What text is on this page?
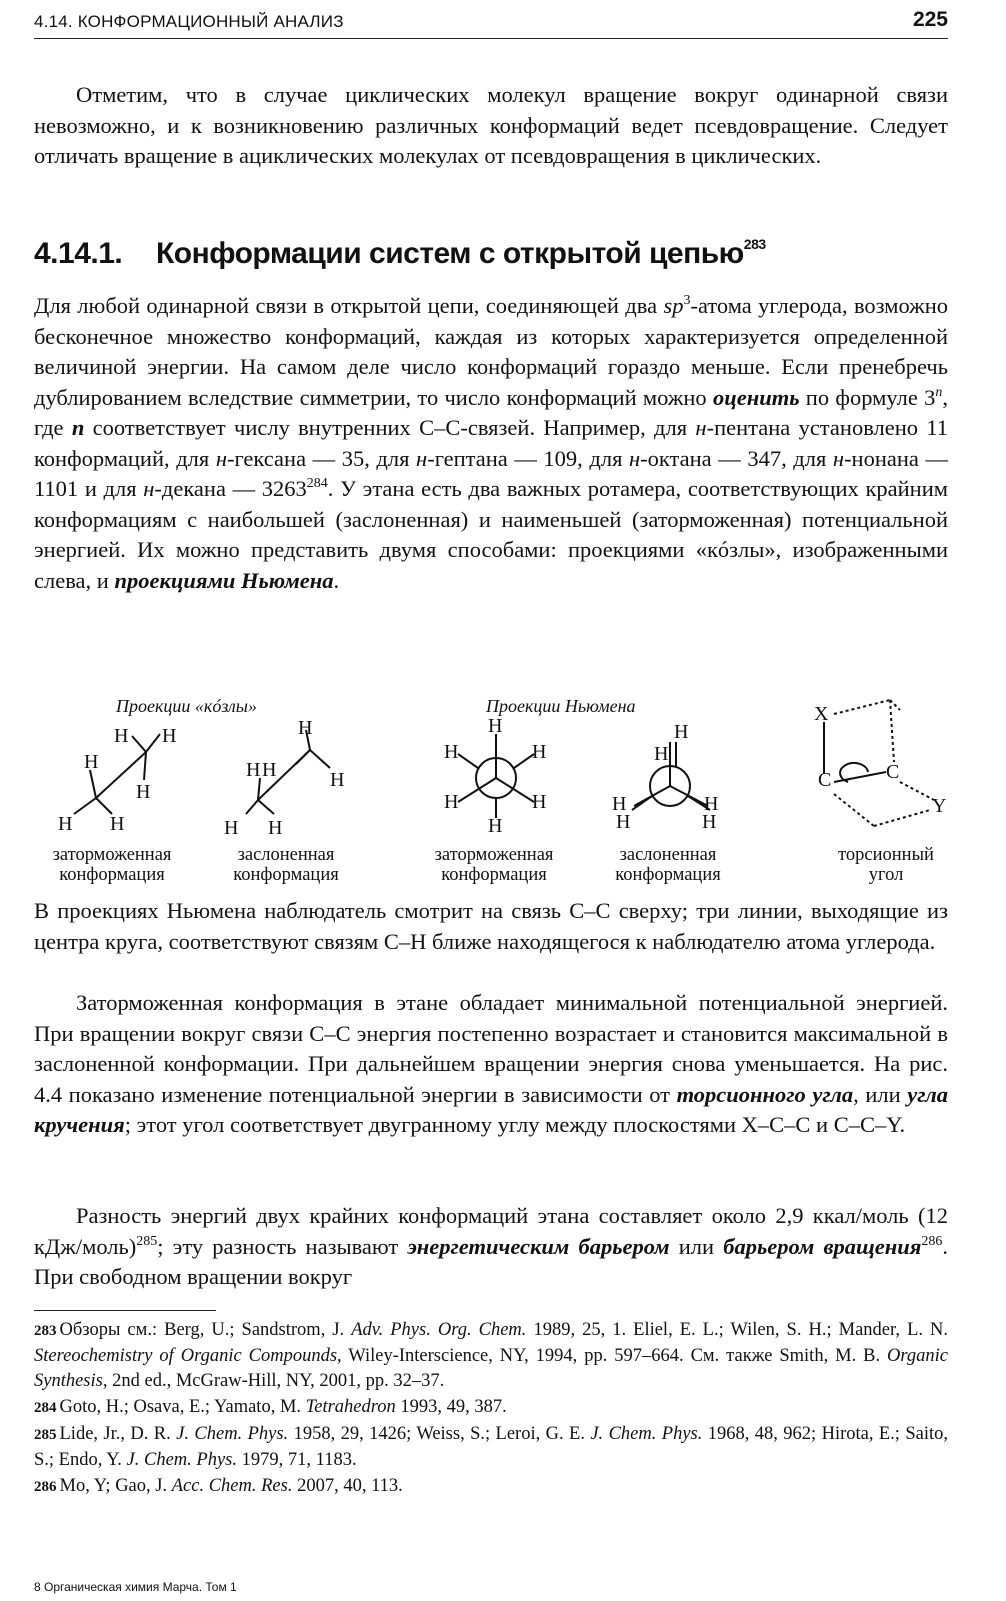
4.14. КОНФОРМАЦИОННЫЙ АНАЛИЗ	225

Отметим, что в случае циклических молекул вращение вокруг одинарной связи невозможно, и к возникновению различных конформаций ведет псевдовращение. Следует отличать вращение в ациклических молекулах от псевдовращения в циклических.

4.14.1. Конформации систем с открытой цепью$^{283}$

Для любой одинарной связи в открытой цепи, соединяющей два $sp^3$-атома углерода, возможно бесконечное множество конформаций, каждая из которых характеризуется определенной величиной энергии. На самом деле число конформаций гораздо меньше. Если пренебречь дублированием вследствие симметрии, то число конформаций можно оценить по формуле 3$^n$, где n соответствует числу внутренних С–С-связей. Например, для н-пентана установлено 11 конформаций, для н-гексана — 35, для н-гептана — 109, для н-октана — 347, для н-нонана — 1101 и для н-декана — 3263$^{284}$. У этана есть два важных ротамера, соответствующих крайним конформациям с наибольшей (заслоненная) и наименьшей (заторможенная) потенциальной энергией. Их можно представить двумя способами: проекциями «кóзлы», изображенными слева, и проекциями Ньюмена.

Проекции «кóзлы»	Проекции Ньюмена
H H
H
H
H H
H
H H	H
H H
H
H	H
H	H
H
H
H
H	H
H	H
X
C	C
Y
заторможенная
конформация
заслоненная
конформация
заторможенная
конформация
заслоненная
конформация
торсионный
угол

В проекциях Ньюмена наблюдатель смотрит на связь С–С сверху; три линии, выходящие из центра круга, соответствуют связям С–Н ближе находящегося к наблюдателю атома углерода.

Заторможенная конформация в этане обладает минимальной потенциальной энергией. При вращении вокруг связи С–С энергия постепенно возрастает и становится максимальной в заслоненной конформации. При дальнейшем вращении энергия снова уменьшается. На рис. 4.4 показано изменение потенциальной энергии в зависимости от торсионного угла, или угла кручения; этот угол соответствует двугранному углу между плоскостями X–C–C и C–C–Y.

Разность энергий двух крайних конформаций этана составляет около 2,9 ккал/моль (12 кДж/моль)$^{285}$; эту разность называют энергетическим барьером или барьером вращения$^{286}$. При свободном вращении вокруг

283 Обзоры см.: Berg, U.; Sandstrom, J. Adv. Phys. Org. Chem. 1989, 25, 1. Eliel, E. L.; Wilen, S. H.; Mander, L. N. Stereochemistry of Organic Compounds, Wiley-Interscience, NY, 1994, pp. 597–664. См. также Smith, M. B. Organic Synthesis, 2nd ed., McGraw-Hill, NY, 2001, pp. 32–37.

284 Goto, H.; Osava, E.; Yamato, M. Tetrahedron 1993, 49, 387.

285 Lide, Jr., D. R. J. Chem. Phys. 1958, 29, 1426; Weiss, S.; Leroi, G. E. J. Chem. Phys. 1968, 48, 962; Hirota, E.; Saito, S.; Endo, Y. J. Chem. Phys. 1979, 71, 1183.

286 Mo, Y; Gao, J. Acc. Chem. Res. 2007, 40, 113.

8 Органическая химия Марча. Том 1
